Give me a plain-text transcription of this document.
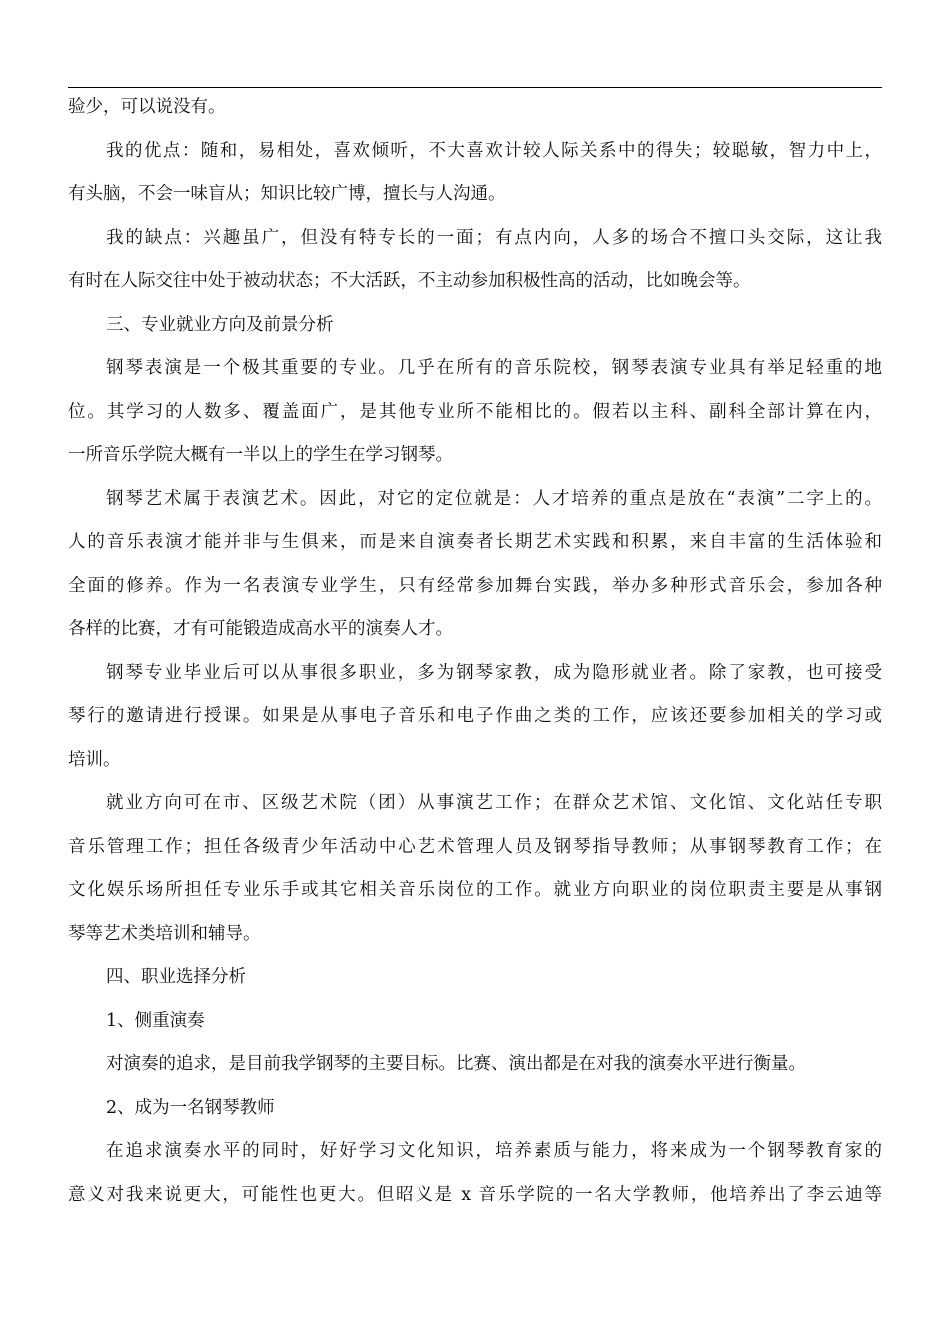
验少，可以说没有。
我的优点：随和，易相处，喜欢倾听，不大喜欢计较人际关系中的得失；较聪敏，智力中上，
有头脑，不会一味盲从；知识比较广博，擅长与人沟通。
我的缺点：兴趣虽广，但没有特专长的一面；有点内向，人多的场合不擅口头交际，这让我
有时在人际交往中处于被动状态；不大活跃，不主动参加积极性高的活动，比如晚会等。
三、专业就业方向及前景分析
钢琴表演是一个极其重要的专业。几乎在所有的音乐院校，钢琴表演专业具有举足轻重的地
位。其学习的人数多、覆盖面广，是其他专业所不能相比的。假若以主科、副科全部计算在内，
一所音乐学院大概有一半以上的学生在学习钢琴。
钢琴艺术属于表演艺术。因此，对它的定位就是：人才培养的重点是放在“表演”二字上的。
人的音乐表演才能并非与生俱来，而是来自演奏者长期艺术实践和积累，来自丰富的生活体验和
全面的修养。作为一名表演专业学生，只有经常参加舞台实践，举办多种形式音乐会，参加各种
各样的比赛，才有可能锻造成高水平的演奏人才。
钢琴专业毕业后可以从事很多职业，多为钢琴家教，成为隐形就业者。除了家教，也可接受
琴行的邀请进行授课。如果是从事电子音乐和电子作曲之类的工作，应该还要参加相关的学习或
培训。
就业方向可在市、区级艺术院（团）从事演艺工作；在群众艺术馆、文化馆、文化站任专职
音乐管理工作；担任各级青少年活动中心艺术管理人员及钢琴指导教师；从事钢琴教育工作；在
文化娱乐场所担任专业乐手或其它相关音乐岗位的工作。就业方向职业的岗位职责主要是从事钢
琴等艺术类培训和辅导。
四、职业选择分析
1、侧重演奏
对演奏的追求，是目前我学钢琴的主要目标。比赛、演出都是在对我的演奏水平进行衡量。
2、成为一名钢琴教师
在追求演奏水平的同时，好好学习文化知识，培养素质与能力，将来成为一个钢琴教育家的
意义对我来说更大，可能性也更大。但昭义是 x 音乐学院的一名大学教师，他培养出了李云迪等
